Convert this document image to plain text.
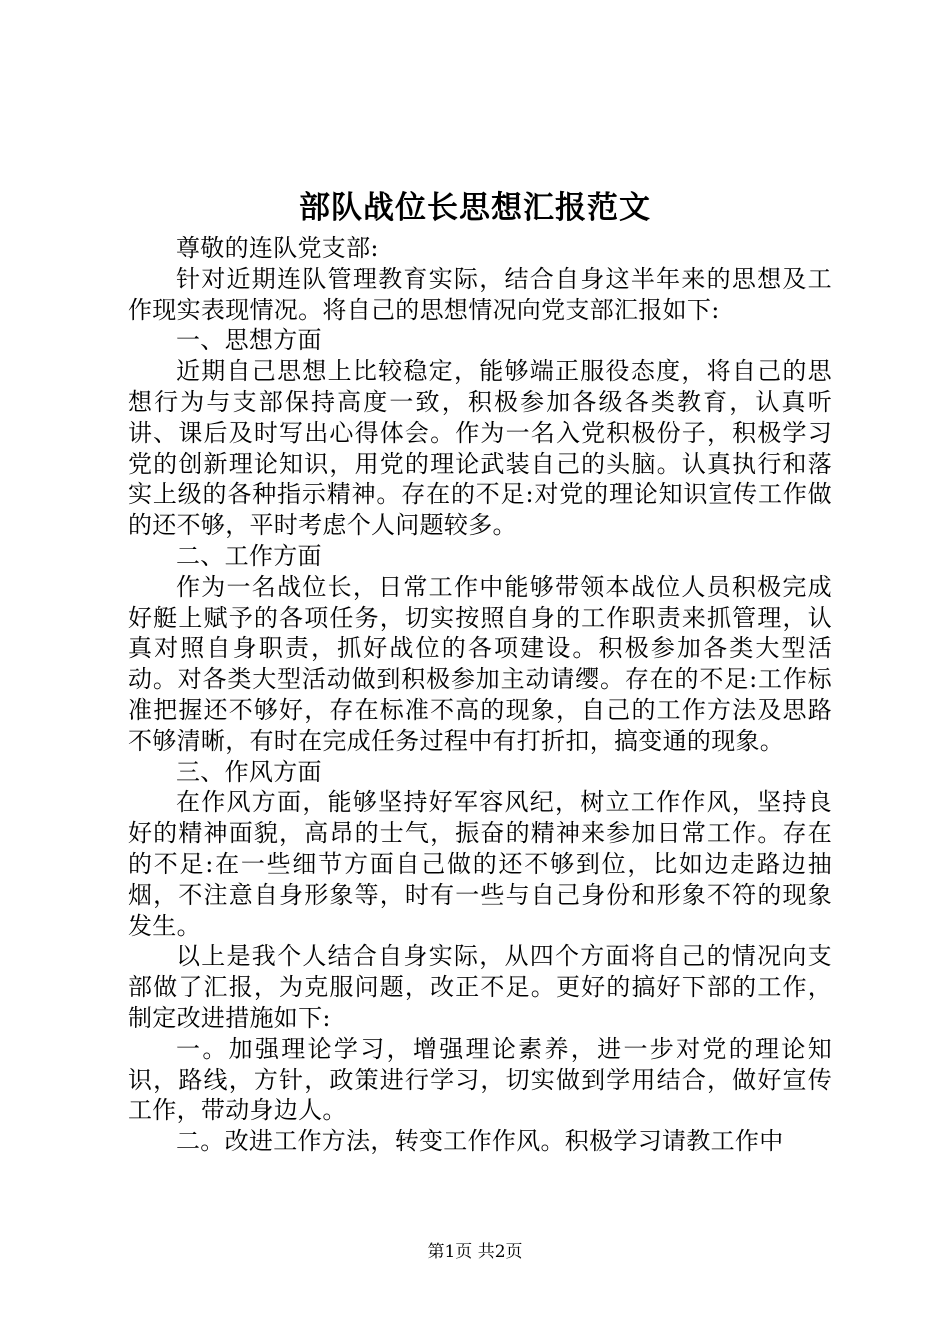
部队战位长思想汇报范文

尊敬的连队党支部:

针对近期连队管理教育实际，结合自身这半年来的思想及工作现实表现情况。将自己的思想情况向党支部汇报如下:

一、思想方面

近期自己思想上比较稳定，能够端正服役态度，将自己的思想行为与支部保持高度一致，积极参加各级各类教育，认真听讲、课后及时写出心得体会。作为一名入党积极份子，积极学习党的创新理论知识，用党的理论武装自己的头脑。认真执行和落实上级的各种指示精神。存在的不足:对党的理论知识宣传工作做的还不够，平时考虑个人问题较多。

二、工作方面

作为一名战位长，日常工作中能够带领本战位人员积极完成好艇上赋予的各项任务，切实按照自身的工作职责来抓管理，认真对照自身职责，抓好战位的各项建设。积极参加各类大型活动。对各类大型活动做到积极参加主动请缨。存在的不足:工作标准把握还不够好，存在标准不高的现象，自己的工作方法及思路不够清晰，有时在完成任务过程中有打折扣，搞变通的现象。

三、作风方面

在作风方面，能够坚持好军容风纪，树立工作作风，坚持良好的精神面貌，高昂的士气，振奋的精神来参加日常工作。存在的不足:在一些细节方面自己做的还不够到位，比如边走路边抽烟，不注意自身形象等，时有一些与自己身份和形象不符的现象发生。

以上是我个人结合自身实际，从四个方面将自己的情况向支部做了汇报，为克服问题，改正不足。更好的搞好下部的工作，制定改进措施如下:

一。加强理论学习，增强理论素养，进一步对党的理论知识，路线，方针，政策进行学习，切实做到学用结合，做好宣传工作，带动身边人。

二。改进工作方法，转变工作作风。积极学习请教工作中

第1页 共2页
